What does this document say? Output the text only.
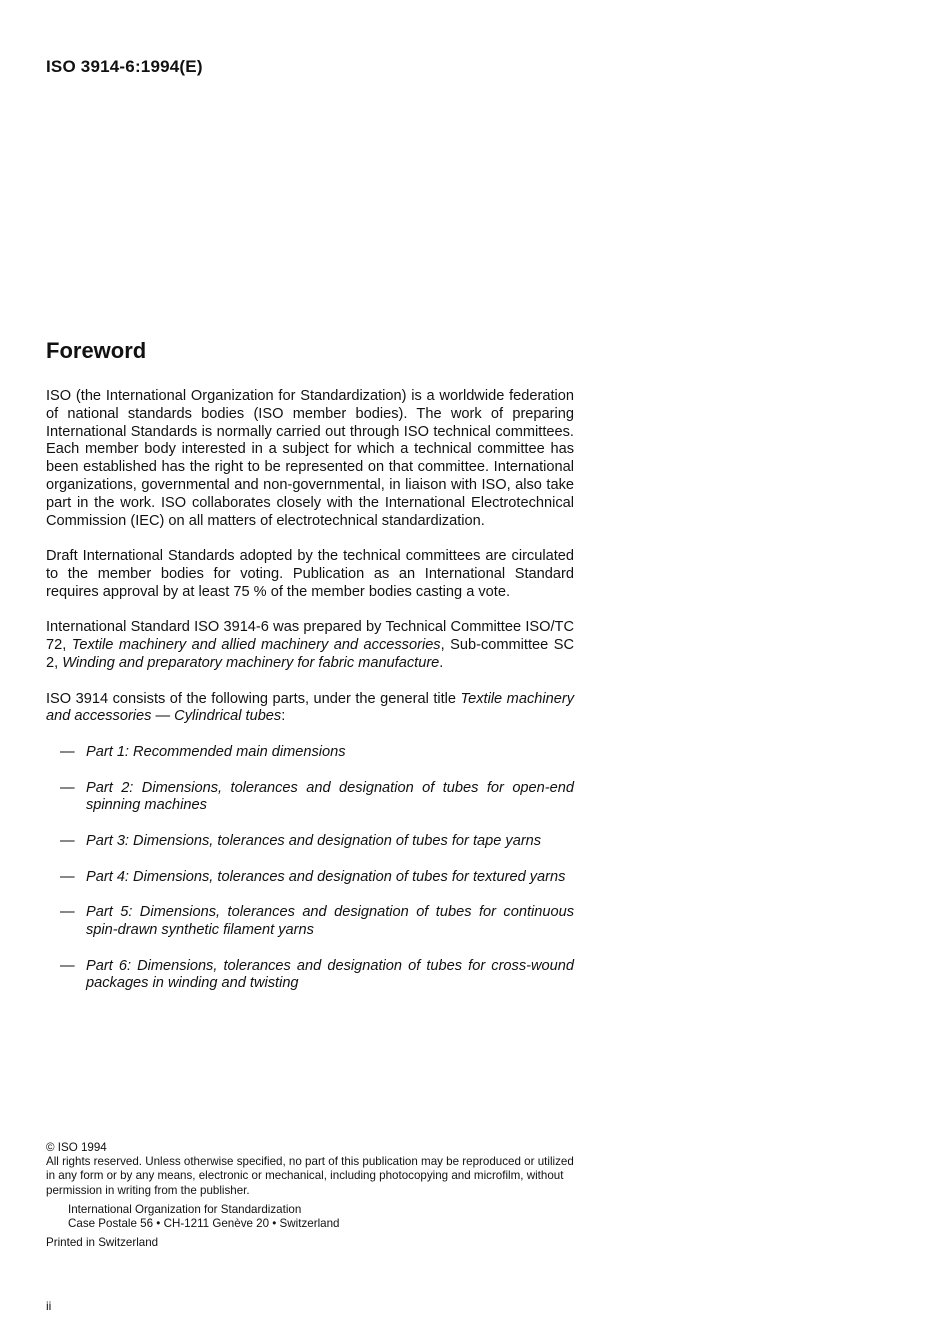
ISO 3914-6:1994(E)
Foreword

ISO (the International Organization for Standardization) is a worldwide federation of national standards bodies (ISO member bodies). The work of preparing International Standards is normally carried out through ISO technical committees. Each member body interested in a subject for which a technical committee has been established has the right to be represented on that committee. International organizations, governmental and non-governmental, in liaison with ISO, also take part in the work. ISO collaborates closely with the International Electrotechnical Commission (IEC) on all matters of electrotechnical standardization.

Draft International Standards adopted by the technical committees are circulated to the member bodies for voting. Publication as an International Standard requires approval by at least 75 % of the member bodies casting a vote.

International Standard ISO 3914-6 was prepared by Technical Committee ISO/TC 72, Textile machinery and allied machinery and accessories, Sub-committee SC 2, Winding and preparatory machinery for fabric manufacture.

ISO 3914 consists of the following parts, under the general title Textile machinery and accessories — Cylindrical tubes:

— Part 1: Recommended main dimensions
— Part 2: Dimensions, tolerances and designation of tubes for open-end spinning machines
— Part 3: Dimensions, tolerances and designation of tubes for tape yarns
— Part 4: Dimensions, tolerances and designation of tubes for textured yarns
— Part 5: Dimensions, tolerances and designation of tubes for continuous spin-drawn synthetic filament yarns
— Part 6: Dimensions, tolerances and designation of tubes for cross-wound packages in winding and twisting

© ISO 1994

All rights reserved. Unless otherwise specified, no part of this publication may be reproduced or utilized in any form or by any means, electronic or mechanical, including photocopying and microfilm, without permission in writing from the publisher.

International Organization for Standardization

Case Postale 56 • CH-1211 Genève 20 • Switzerland

Printed in Switzerland

ii
